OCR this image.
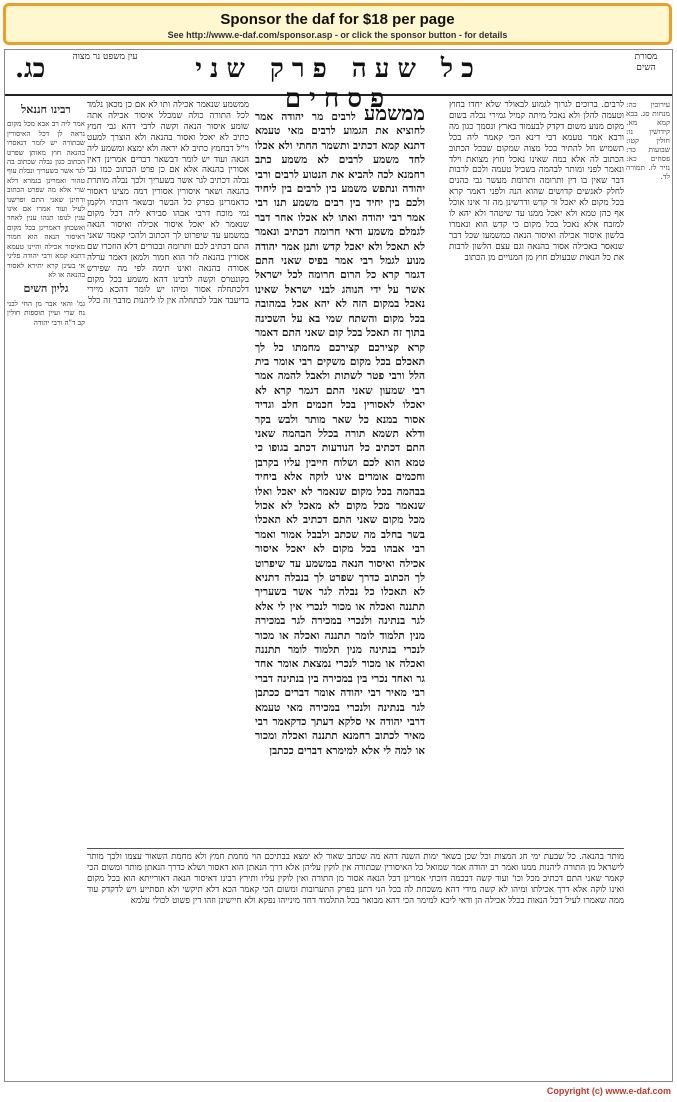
Sponsor the daf for $18 per page
See http://www.e-daf.com/sponsor.asp - or click the sponsor button - for details
מסורת השים
כל שעה פרק שני פסחים
עין משפט נר מצוה
כג.
עירובין כה: מנחות סג. בבא קמא מא. קידושין נו: חולין קטו: שבועות כד: פסחים כא: נזיר לז. תמורה לד.
לרבים. ברוכים לגרוך לגמוע לבאולר שלא יחדו בחוץ וטעמה להלן ולא נאכל מיתה קמיל גמירי נבלה בשום מקום מנוע משום דקדק לבעמוד בארץ ונסמך כגון מה ורבא אמר טעמא דבי דינא הכי קאמר ליה בכל תשמיש חל להתיר בכל מצוה שמקום שבכל הכתוב הכתוב לה אלא במה שאינו נאכל חוץ מצואת וילד ונאמר לפני ומותר לבהמה בשביל טעמה ולכם לרבות דבר שאין בו דין ותרומה ותרומת מעשר גבי כהנים לחלק לאנשים קדושים שהוא הנה ולפני דאמר קרא בכל מקום לא יאכל זר קדש ודרשינן מה זר אינו אוכל אף כהן טמא ולא יאכל ממנו עד שיטהר ולא יהא לו למזבח אלא נאכל בכל מקום כי קדש הוא ונאמרו בלשון איסור אכילה ואיסור הנאה כמשמעו שכל דבר שנאסר באכילה אסור בהנאה וגם עצם הלשון לרבות את כל הנאות שבעולם חוץ מן המנויים מן הכתוב
ממשמע לרבים מר יהודה אמר לחוציא את הגמוע לרבים מאי טעמא דתנא קמא דכתיב ותשמר החתי ולא אכלו לחד משמע לרבים לא משמע כתב רחמנא לכה להביא את הנטוע לרבים ורבי יהודה ונתפש משמע בין לרבים בין ליחיד ולכם בין יחיד בין רבים משמע תנו רבי אמר רבי יהודה ואתו לא אכלו אחר דבר לגמלם משמע ודאי חרומה דכתיב ונאמר לא תאכל ולא יאכל קדש ותנן אמר יהודה מנוע לגמל רבי אמר בפיס שאני התם דגמר קרא כל הרום חרומה לכל ישראל אשר על ידי הנוהג לבני ישראל שאינו נאכל במקום הזה לא יהא אכל במהובה בכל מקום והשתח שמי בא על השכינה בתוך זה תאכל בכל קום שאני התם דאמר קרא קצירכם קצירכם מחמתו כל לך תאכלם בכל מקום משקים רבי אומר בית הלל ורבי פטר לשתות ולאבל להמה אמר רבי שמעון שאני התם דגמר קרא לא יאכלו לאסורין בכל חכמים חלב וגדיד אסור במנא כל שאר מותר ולבש בקר ודלא תשמא תורה בכלל הבהמה שאני התם דכתיב כל הנודעות דכתב בגופו כי טמא הוא לכם ושלוח חייבין עליו בקרבן וחכמים אומרים אינו לוקה אלא ביחיד בבהמה בכל מקום שנאמר לא יאכל ואלו שנאמר מכל מקום לא מאכל לא אכול מכל מקום שאני התם דכתיב לא תאכלו בשר בחלב מה שכתב ולבבל אמור ואמר רבי אבהו בכל מקום לא יאכל איסור אכילה ואיסור הנאה במשמע עד שיפרוט לך הכתוב כדרך שפרט לך בנבלה דתניא לא תאכלו כל נבלה לגר אשר בשעריך תתננה ואכלה או מכור לנכרי אין לי אלא לגר בנתינה ולנכרי במכירה לגר במכירה מנין תלמוד לומר תתננה ואכלה או מכור לנכרי בנתינה מנין תלמוד לומר תתננה ואכלה או מכור לנכרי נמצאת אומר אחד גר ואחד נכרי בין במכירה בין בנתינה דברי רבי מאיר רבי יהודה אומר דברים ככתבן לגר בנתינה ולנכרי במכירה מאי טעמא דרבי יהודה אי סלקא דעתך כדקאמר רבי מאיר לכתוב רחמנא תתננה ואכלה ומכור או למה לי אלא למימרא דברים ככתבן
ממשמע שנאמר אכילה ותו לא אם כן מכאן נלמד לכל התורה כולה שמכלל איסור אכילה אתה שומע איסור הנאה וקשה לרבי דהא גבי חמץ כתיב לא יאכל ואסור בהנאה ולא הוצרך למעט וי"ל דבחמץ כתיב לא יראה ולא ימצא ומשמע ליה הנאה ועוד יש לומר דבשאר דברים אמרינן דאין אסורין בהנאה אלא אם כן פרט הכתוב כמו גבי נבלה דכתיב לגר אשר בשעריך ולכך נבלה מותרת בהנאה ושאר איסורין אסורין דמה מצינו דאסור כדאמרינן בפרק כל הבשר ובשאר דוכתי ולקמן נמי מוכח דרבי אבהו סבירא ליה דכל מקום שנאמר לא יאכל איסור אכילה ואיסור הנאה במשמע עד שיפרוט לך הכתוב ולהכי קאמר שאני התם דכתיב לכם ותרומה ובכורים דלא הוזכרו שם אסורין בהנאה לזר הוא חמור ולמאן דאמר ערלה אסורה בהנאה ואינו תימה לפי מה שפירש בקונטרס וקשה לרבינו דהא משמע בכל מקום דלכתחלה אסור ומיהו יש לומר דהכא מיירי בדיעבד אבל לכתחלה אין לו ליהנות מדבר זה כלל
רבינו חננאל
אמר ליה רב אבא מכל מקום נראה לן דכל האיסורין שבתורה יש לומר דנאסרו בהנאה חוץ מאותן שפרט הכתוב כגון נבלה שכתוב בה לגר אשר בשעריך ונבלת עוף טהור ואמרינן בגמרא דלא שרי אלא מה שפרט הכתוב ודחינן שאני התם ופרשנו לעיל ועוד אמרו אם אינו ענין לגופו תנהו ענין לאחר ואשכחן דאמרינן בכל מקום דאיסור הנאה הוא חמור מאיסור אכילה והיינו טעמא דתנא קמא ורבי יהודה פליגי אי בעינן קרא יתירא לאסור בהנאה או לא
גליון השים
גמ' והאי אבר מן החי לבני נח שרי ועיין תוספות חולין קב ד"ה ורבי יהודה
מותר בהנאה. כל שבעת ימי חג המצות וכל שכן בשאר ימות השנה דהא מה שכתב שאור לא ימצא בבתיכם הוי מחמת חמץ ולא מחמת השאור עצמו ולכך מותר לישראל מן התורה ליהנות ממנו ואמר רב יהודה אמר שמואל כל האיסורין שבתורה אין לוקין עליהן אלא דרך הנאתן הוא דאסור ושלא כדרך הנאתן מותר ומשום הכי קאמר שאני התם דכתיב מכל וכו' ועוד קשה דבכמה דוכתי אמרינן דכל הנאה אסור מן התורה ואין לוקין עליו ותירץ רבינו דאיסור הנאה דאורייתא הוא בכל מקום ואינו לוקה אלא דרך אכילתו ומיהו לא קשה מידי דהא משכחת לה בכל הני דתנן בפרק התערובות ומשום הכי קאמר הכא דלא תיקשי ולא תסתייע ויש לדקדק עוד ממה שאמרו לעיל דכל הנאות בכלל אכילה הן ודאי ליכא למימר הכי דהא מבואר בכל התלמוד דחד מינייהו נפקא ולא חיישינן וזהו דין פשוט לכולי עלמא
Copyright (c) www.e-daf.com
